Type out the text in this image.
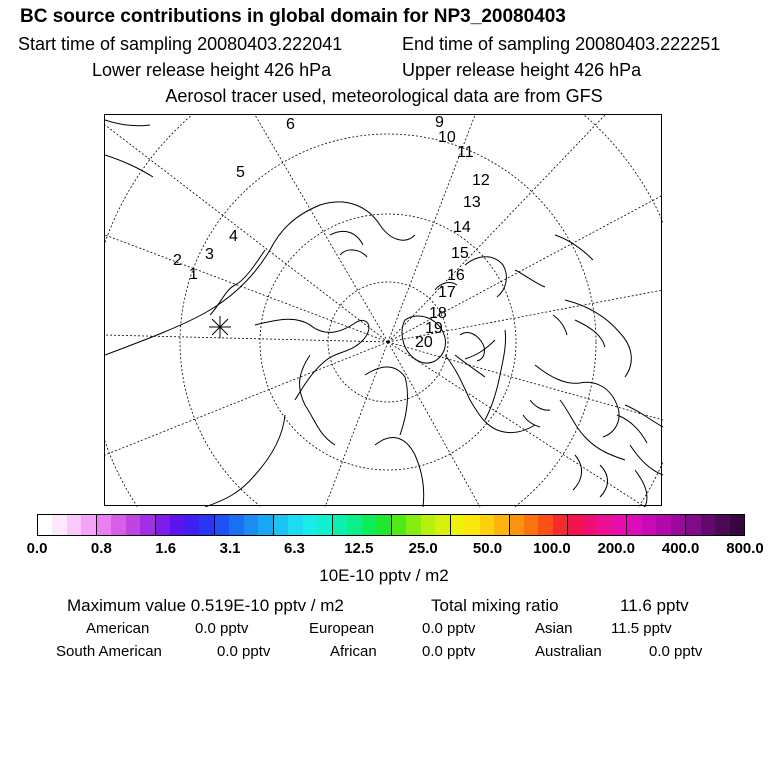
BC source contributions in global domain for NP3_20080403
Start time of sampling 20080403.222041	End time of sampling 20080403.222251
Lower release height 426 hPa	Upper release height 426 hPa
Aerosol tracer used, meteorological data are from GFS
1
2 3
4
5
6	9
10
11
12
13
14
15
16
17
18
19
20
0.0	0.8	1.6	3.1	6.3	12.5 25.0 50.0 100.0 200.0 400.0 800.0
10E-10 pptv / m2
Maximum value 0.519E-10 pptv / m2	Total mixing ratio	11.6 pptv
American	0.0 pptv	European	0.0 pptv	Asian	11.5 pptv
South American	0.0 pptv	African	0.0 pptv	Australian	0.0 pptv
